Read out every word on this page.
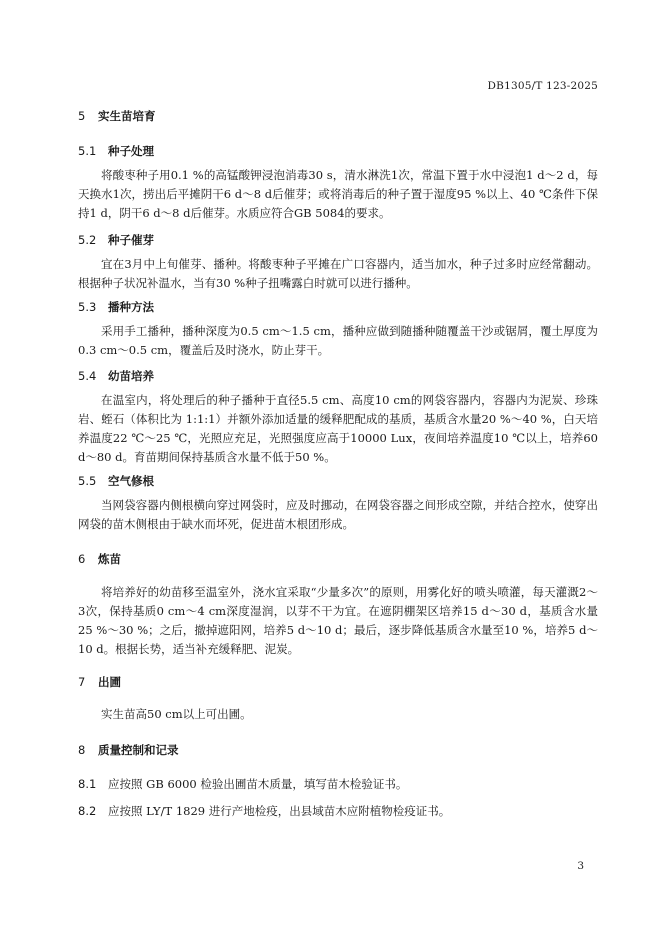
DB1305/T 123-2025
5 实生苗培育
5.1 种子处理
将酸枣种子用0.1 %的高锰酸钾浸泡消毒30 s，清水淋洗1次，常温下置于水中浸泡1 d～2 d，每天换水1次，捞出后平摊阴干6 d～8 d后催芽；或将消毒后的种子置于湿度95 %以上、40 ℃条件下保持1 d，阴干6 d～8 d后催芽。水质应符合GB 5084的要求。
5.2 种子催芽
宜在3月中上旬催芽、播种。将酸枣种子平摊在广口容器内，适当加水，种子过多时应经常翻动。根据种子状况补温水，当有30 %种子扭嘴露白时就可以进行播种。
5.3 播种方法
采用手工播种，播种深度为0.5 cm～1.5 cm，播种应做到随播种随覆盖干沙或锯屑，覆土厚度为0.3 cm～0.5 cm，覆盖后及时浇水，防止芽干。
5.4 幼苗培养
在温室内，将处理后的种子播种于直径5.5 cm、高度10 cm的网袋容器内，容器内为泥炭、珍珠岩、蛭石（体积比为 1:1:1）并额外添加适量的缓释肥配成的基质，基质含水量20 %～40 %，白天培养温度22 ℃～25 ℃，光照应充足，光照强度应高于10000 Lux，夜间培养温度10 ℃以上，培养60 d～80 d。育苗期间保持基质含水量不低于50 %。
5.5 空气修根
当网袋容器内侧根横向穿过网袋时，应及时挪动，在网袋容器之间形成空隙，并结合控水，使穿出网袋的苗木侧根由于缺水而坏死，促进苗木根团形成。
6 炼苗
将培养好的幼苗移至温室外，浇水宜采取“少量多次”的原则，用雾化好的喷头喷灌，每天灌溉2～3次，保持基质0 cm～4 cm深度湿润，以芽不干为宜。在遮阴棚架区培养15 d～30 d，基质含水量25 %～30 %；之后，撤掉遮阳网，培养5 d～10 d；最后，逐步降低基质含水量至10 %，培养5 d～10 d。根据长势，适当补充缓释肥、泥炭。
7 出圃
实生苗高50 cm以上可出圃。
8 质量控制和记录
8.1 应按照 GB 6000 检验出圃苗木质量，填写苗木检验证书。
8.2 应按照 LY/T 1829 进行产地检疫，出县域苗木应附植物检疫证书。
3
